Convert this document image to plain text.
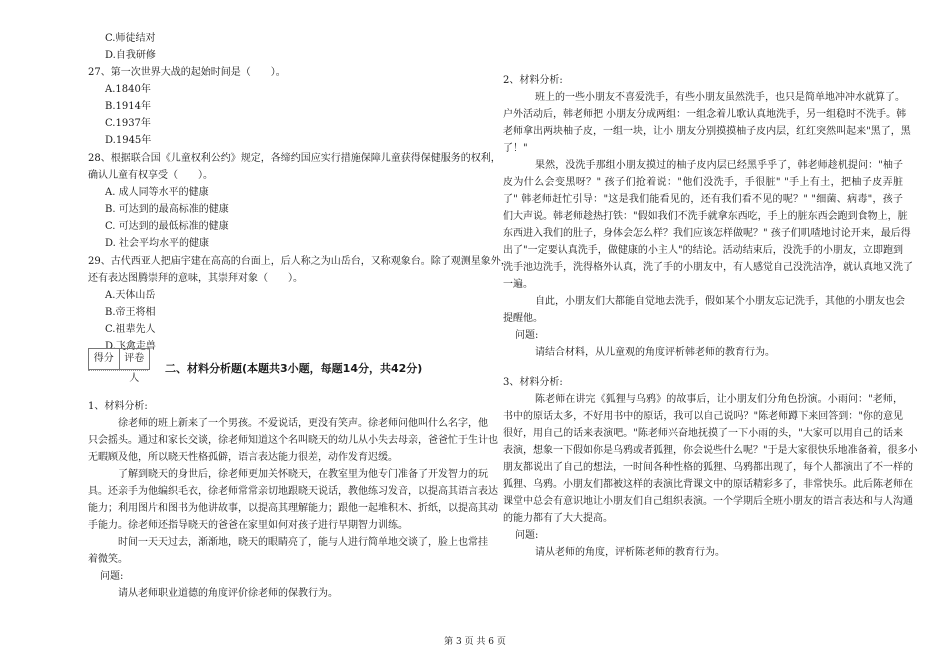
C.师徒结对
D.自我研修
27、第一次世界大战的起始时间是（　　）。
A.1840年
B.1914年
C.1937年
D.1945年
28、根据联合国《儿童权利公约》规定，各缔约国应实行措施保障儿童获得保健服务的权利，
确认儿童有权享受（　　）。
A. 成人同等水平的健康
B. 可达到的最高标准的健康
C. 可达到的最低标准的健康
D. 社会平均水平的健康
29、古代西亚人把庙宇建在高高的台面上，后人称之为山岳台，又称观象台。除了观测星象外，
还有表达图腾崇拜的意味，其崇拜对象（　　）。
A.天体山岳
B.帝王将相
C.祖辈先人
D.飞禽走兽
得分	评卷人
二、材料分析题(本题共3小题，每题14分，共42分)
1、材料分析:
徐老师的班上新来了一个男孩。不爱说话，更没有笑声。徐老师问他叫什么名字，他
只会摇头。通过和家长交谈，徐老师知道这个名叫晓天的幼儿从小失去母亲，爸爸忙于生计也
无暇顾及他，所以晓天性格孤僻，语言表达能力很差，动作发育迟缓。
了解到晓天的身世后，徐老师更加关怀晓天，在教室里为他专门准备了开发智力的玩
具。还亲手为他编织毛衣，徐老师常常亲切地跟晓天说话，教他练习发音，以提高其语言表达
能力；利用图片和图书为他讲故事，以提高其理解能力；跟他一起堆积木、折纸，以提高其动
手能力。徐老师还指导晓天的爸爸在家里如何对孩子进行早期智力训练。
时间一天天过去，渐渐地，晓天的眼睛亮了，能与人进行简单地交谈了，脸上也常挂
着微笑。
问题:
请从老师职业道德的角度评价徐老师的保教行为。
2、材料分析:
班上的一些小朋友不喜爱洗手，有些小朋友虽然洗手，也只是简单地冲冲水就算了。
户外活动后，韩老师把 小朋友分成两组：一组念着儿歌认真地洗手，另一组稳时不洗手。韩
老师拿出两块柚子皮，一组一块，让小 朋友分别摸摸柚子皮内层，红红突然叫起来"黑了，黑
了！"
果然，没洗手那组小朋友摸过的柚子皮内层已经黑乎乎了，韩老师趁机提问："柚子
皮为什么会变黑呀？" 孩子们抢着说："他们没洗手，手很脏" "手上有土，把柚子皮弄脏
了" 韩老师赶忙引导："这是我们能看见的，还有我们看不见的呢？" "细菌、病毒"，孩子
们大声说。韩老师趁热打铁："假如我们不洗手就拿东西吃，手上的脏东西会跑到食物上，脏
东西进入我们的肚子，身体会怎么样？我们应该怎样做呢？" 孩子们叽喳地讨论开来，最后得
出了"一定要认真洗手，做健康的小主人"的结论。活动结束后，没洗手的小朋友，立即跑到
洗手池边洗手，洗得格外认真，洗了手的小朋友中，有人感觉自己没洗洁净，就认真地又洗了
一遍。
自此，小朋友们大都能自觉地去洗手，假如某个小朋友忘记洗手，其他的小朋友也会
提醒他。
问题:
请结合材料，从儿童观的角度评析韩老师的教育行为。
3、材料分析:
陈老师在讲完《狐狸与乌鸦》的故事后，让小朋友们分角色扮演。小雨问："老师，
书中的原话太多，不好用书中的原话，我可以自己说吗？"陈老师蹲下来回答到："你的意见
很好，用自己的话来表演吧。"陈老师兴奋地抚摸了一下小雨的头，"大家可以用自己的话来
表演，想象一下假如你是乌鸦或者狐狸，你会说些什么呢？"于是大家很快乐地准备着，很多小
朋友都说出了自己的想法，一时间各种性格的狐狸、乌鸦都出现了，每个人都演出了不一样的
狐狸、乌鸦。小朋友们都被这样的表演比背课文中的原话精彩多了，非常快乐。此后陈老师在
课堂中总会有意识地让小朋友们自己组织表演。一个学期后全班小朋友的语言表达和与人沟通
的能力都有了大大提高。
问题:
请从老师的角度，评析陈老师的教育行为。
第 3 页 共 6 页
